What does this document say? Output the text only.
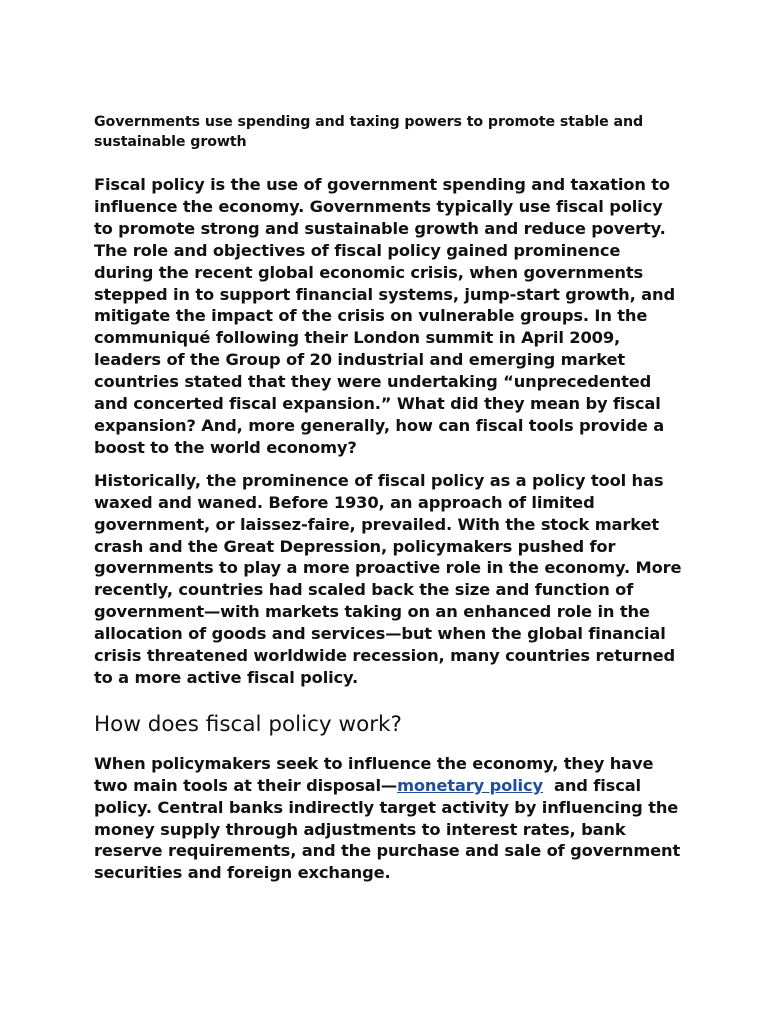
Governments use spending and taxing powers to promote stable and sustainable growth

Fiscal policy is the use of government spending and taxation to influence the economy. Governments typically use fiscal policy to promote strong and sustainable growth and reduce poverty. The role and objectives of fiscal policy gained prominence during the recent global economic crisis, when governments stepped in to support financial systems, jump-start growth, and mitigate the impact of the crisis on vulnerable groups. In the communiqué following their London summit in April 2009, leaders of the Group of 20 industrial and emerging market countries stated that they were undertaking “unprecedented and concerted fiscal expansion.” What did they mean by fiscal expansion? And, more generally, how can fiscal tools provide a boost to the world economy?

Historically, the prominence of fiscal policy as a policy tool has waxed and waned. Before 1930, an approach of limited government, or laissez-faire, prevailed. With the stock market crash and the Great Depression, policymakers pushed for governments to play a more proactive role in the economy. More recently, countries had scaled back the size and function of government—with markets taking on an enhanced role in the allocation of goods and services—but when the global financial crisis threatened worldwide recession, many countries returned to a more active fiscal policy.

How does fiscal policy work?

When policymakers seek to influence the economy, they have two main tools at their disposal—monetary policy  and fiscal policy. Central banks indirectly target activity by influencing the money supply through adjustments to interest rates, bank reserve requirements, and the purchase and sale of government securities and foreign exchange.
